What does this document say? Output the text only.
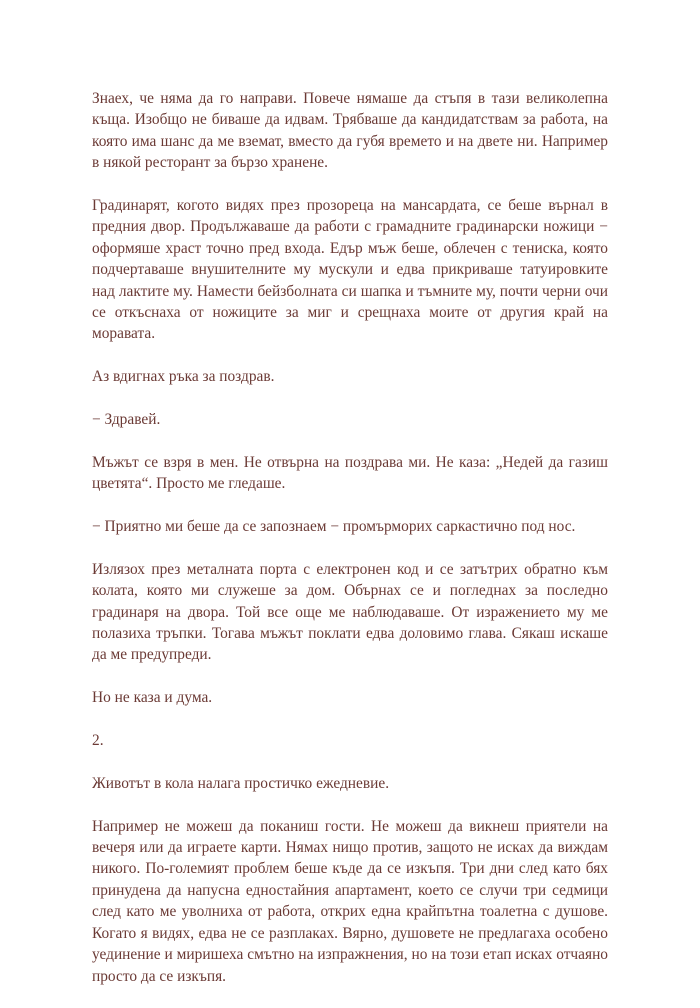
Знаех, че няма да го направи. Повече нямаше да стъпя в тази великолепна къща. Изобщо не биваше да идвам. Трябваше да кандидатствам за работа, на която има шанс да ме вземат, вместо да губя времето и на двете ни. Например в някой ресторант за бързо хранене.

Градинарят, когото видях през прозореца на мансардата, се беше върнал в предния двор. Продължаваше да работи с грамадните градинарски ножици − оформяше храст точно пред входа. Едър мъж беше, облечен с тениска, която подчертаваше внушителните му мускули и едва прикриваше татуировките над лактите му. Намести бейзболната си шапка и тъмните му, почти черни очи се откъснаха от ножиците за миг и срещнаха моите от другия край на моравата.

Аз вдигнах ръка за поздрав.

− Здравей.

Мъжът се взря в мен. Не отвърна на поздрава ми. Не каза: „Недей да газиш цветята“. Просто ме гледаше.

− Приятно ми беше да се запознаем − промърморих саркастично под нос.

Излязох през металната порта с електронен код и се затътрих обратно към колата, която ми служеше за дом. Обърнах се и погледнах за последно градинаря на двора. Той все още ме наблюдаваше. От изражението му ме полазиха тръпки. Тогава мъжът поклати едва доловимо глава. Сякаш искаше да ме предупреди.

Но не каза и дума.

2.

Животът в кола налага простичко ежедневие.

Например не можеш да поканиш гости. Не можеш да викнеш приятели на вечеря или да играете карти. Нямах нищо против, защото не исках да виждам никого. По-големият проблем беше къде да се изкъпя. Три дни след като бях принудена да напусна едностайния апартамент, което се случи три седмици след като ме уволниха от работа, открих една крайпътна тоалетна с душове. Когато я видях, едва не се разплаках. Вярно, душовете не предлагаха особено уединение и миришеха смътно на изпражнения, но на този етап исках отчаяно просто да се изкъпя.
